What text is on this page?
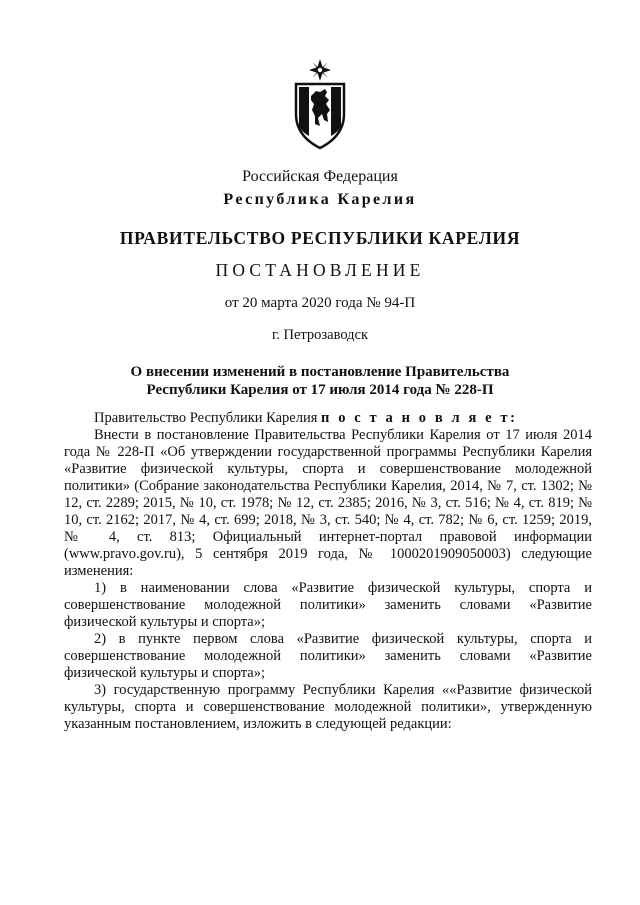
Российская Федерация
Республика Карелия
ПРАВИТЕЛЬСТВО РЕСПУБЛИКИ КАРЕЛИЯ
ПОСТАНОВЛЕНИЕ
от 20 марта 2020 года № 94-П
г. Петрозаводск
О внесении изменений в постановление Правительства
Республики Карелия от 17 июля 2014 года № 228-П

Правительство Республики Карелия п о с т а н о в л я е т:

Внести в постановление Правительства Республики Карелия от 17 июля 2014 года № 228-П «Об утверждении государственной программы Республики Карелия «Развитие физической культуры, спорта и совершенствование молодежной политики» (Собрание законодательства Республики Карелия, 2014, № 7, ст. 1302; № 12, ст. 2289; 2015, № 10, ст. 1978; № 12, ст. 2385; 2016, № 3, ст. 516; № 4, ст. 819; № 10, ст. 2162; 2017, № 4, ст. 699; 2018, № 3, ст. 540; № 4, ст. 782; № 6, ст. 1259; 2019, № 4, ст. 813; Официальный интернет-портал правовой информации (www.pravo.gov.ru), 5 сентября 2019 года, № 1000201909050003) следующие изменения:

1) в наименовании слова «Развитие физической культуры, спорта и совершенствование молодежной политики» заменить словами «Развитие физической культуры и спорта»;

2) в пункте первом слова «Развитие физической культуры, спорта и совершенствование молодежной политики» заменить словами «Развитие физической культуры и спорта»;

3) государственную программу Республики Карелия ««Развитие физической культуры, спорта и совершенствование молодежной политики», утвержденную указанным постановлением, изложить в следующей редакции:
